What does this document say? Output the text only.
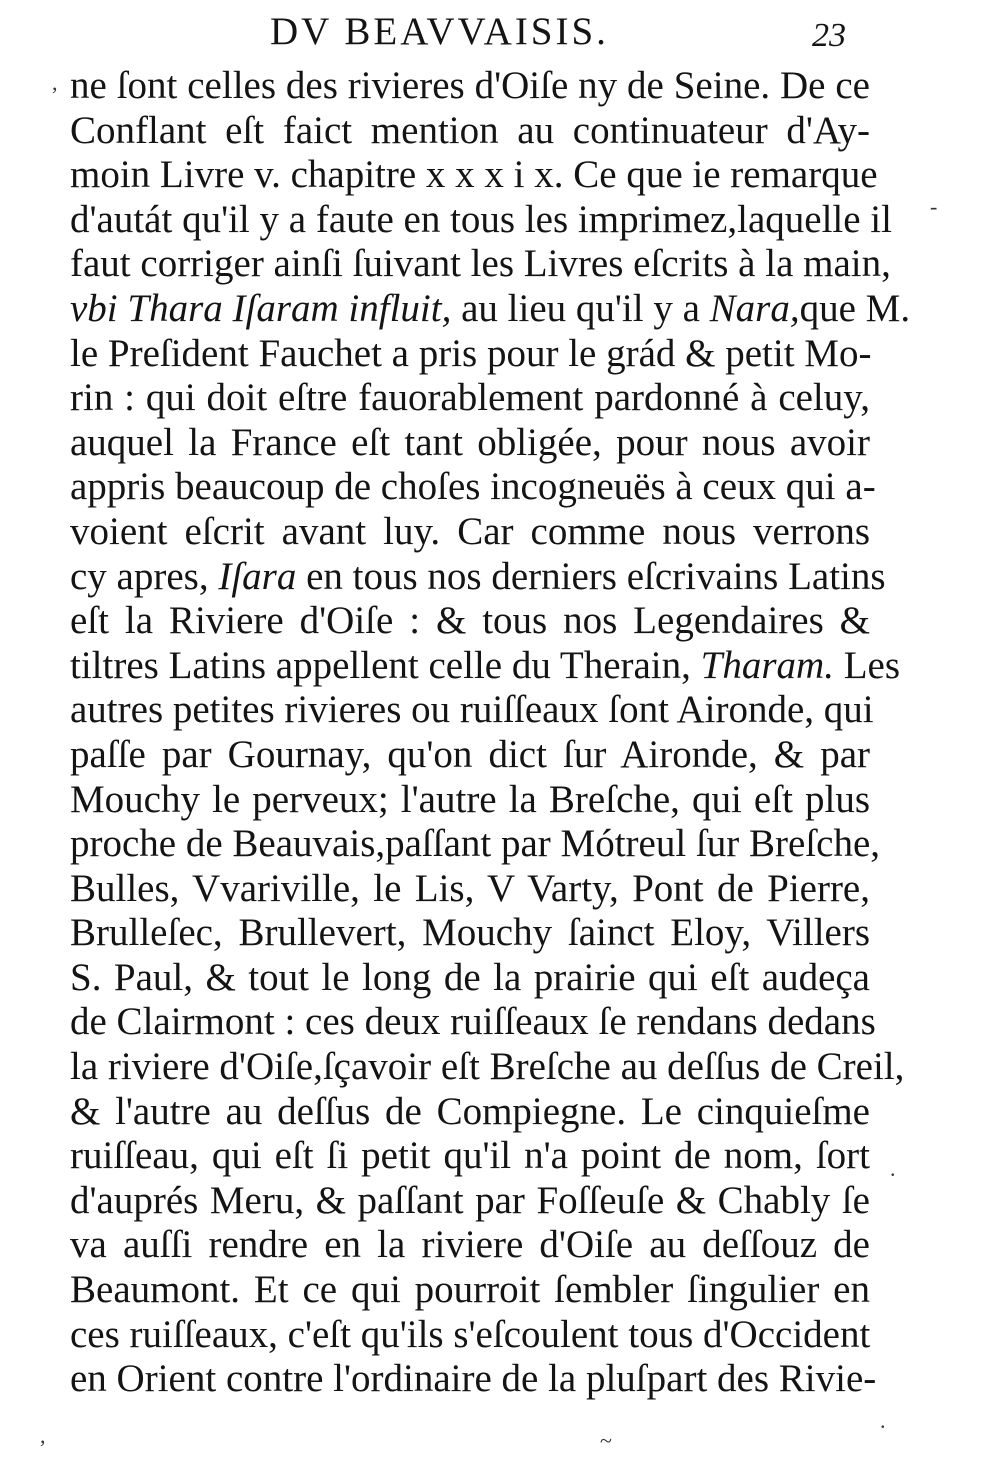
DV BEAVVAISIS.	23
ne ſont celles des rivieres d'Oiſe ny de Seine. De ce
Conflant eſt faict mention au continuateur d'Ay-
moin Livre v. chapitre x x x i x. Ce que ie remarque
d'autát qu'il y a faute en tous les imprimez,laquelle il
faut corriger ainſi ſuivant les Livres eſcrits à la main,
vbi Thara Iſaram influit, au lieu qu'il y a Nara,que M.
le Preſident Fauchet a pris pour le grád & petit Mo-
rin : qui doit eſtre fauorablement pardonné à celuy,
auquel la France eſt tant obligée, pour nous avoir
appris beaucoup de choſes incogneuës à ceux qui a-
voient eſcrit avant luy. Car comme nous verrons
cy apres, Iſara en tous nos derniers eſcrivains Latins
eſt la Riviere d'Oiſe : & tous nos Legendaires &
tiltres Latins appellent celle du Therain, Tharam. Les
autres petites rivieres ou ruiſſeaux ſont Aironde, qui
paſſe par Gournay, qu'on dict ſur Aironde, & par
Mouchy le perveux; l'autre la Breſche, qui eſt plus
proche de Beauvais,paſſant par Mótreul ſur Breſche,
Bulles, Vvariville, le Lis, V Varty, Pont de Pierre,
Brulleſec, Brullevert, Mouchy ſainct Eloy, Villers
S. Paul, & tout le long de la prairie qui eſt audeça
de Clairmont : ces deux ruiſſeaux ſe rendans dedans
la riviere d'Oiſe,ſçavoir eſt Breſche au deſſus de Creil,
& l'autre au deſſus de Compiegne. Le cinquieſme
ruiſſeau, qui eſt ſi petit qu'il n'a point de nom, ſort
d'auprés Meru, & paſſant par Foſſeuſe & Chably ſe
va auſſi rendre en la riviere d'Oiſe au deſſouz de
Beaumont. Et ce qui pourroit ſembler ſingulier en
ces ruiſſeaux, c'eſt qu'ils s'eſcoulent tous d'Occident
en Orient contre l'ordinaire de la pluſpart des Rivie-
,
-
.
,	~
.
